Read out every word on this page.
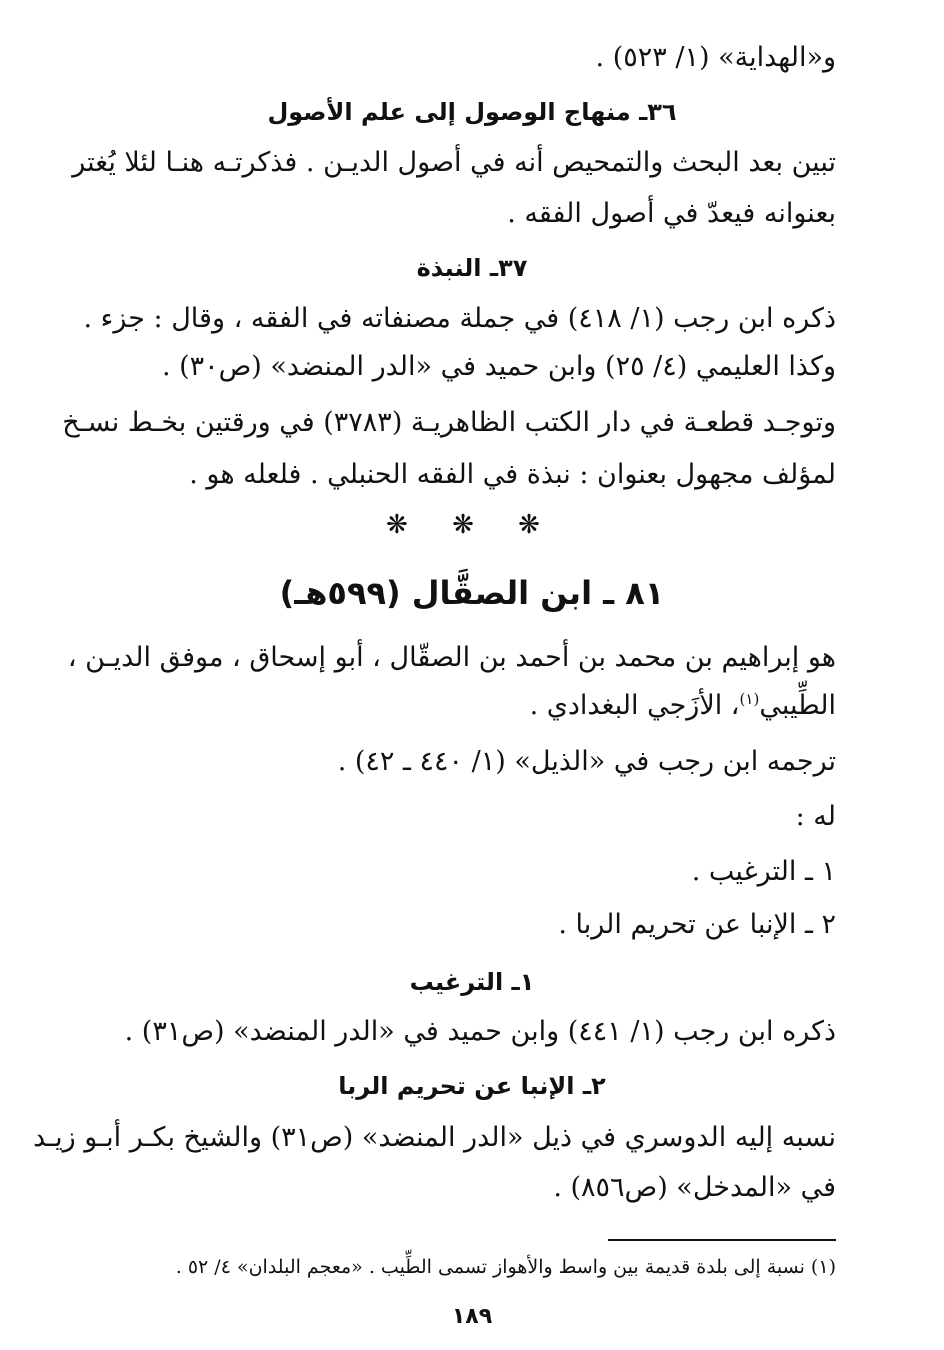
و«الهداية» (١/ ٥٢٣) .
٣٦ـ منهاج الوصول إلى علم الأصول
تبين بعد البحث والتمحيص أنه في أصول الديـن . فذكرتـه هنـا لئلا يُغتر
بعنوانه فيعدّ في أصول الفقه .
٣٧ـ النبذة
ذكره ابن رجب (١/ ٤١٨) في جملة مصنفاته في الفقه ، وقال : جزء .
وكذا العليمي (٤/ ٢٥) وابن حميد في «الدر المنضد» (ص٣٠) .
وتوجـد قطعـة في دار الكتب الظاهريـة (٣٧٨٣) في ورقتين بخـط نسـخ
لمؤلف مجهول بعنوان : نبذة في الفقه الحنبلي . فلعله هو .
❋ ❋ ❋
٨١ ـ ابن الصقَّال (٥٩٩هـ)
هو إبراهيم بن محمد بن أحمد بن الصقّال ، أبو إسحاق ، موفق الديـن ،
الطِّيبي$^{(١)}$، الأزَجي البغدادي .
ترجمه ابن رجب في «الذيل» (١/ ٤٤٠ ـ ٤٢) .
له :
١ ـ الترغيب .
٢ ـ الإنبا عن تحريم الربا .
١ـ الترغيب
ذكره ابن رجب (١/ ٤٤١) وابن حميد في «الدر المنضد» (ص٣١) .
٢ـ الإنبا عن تحريم الربا
نسبه إليه الدوسري في ذيل «الدر المنضد» (ص٣١) والشيخ بكـر أبـو زيـد
في «المدخل» (ص٨٥٦) .
(١) نسبة إلى بلدة قديمة بين واسط والأهواز تسمى الطِّيب . «معجم البلدان» ٤/ ٥٢ .
١٨٩
